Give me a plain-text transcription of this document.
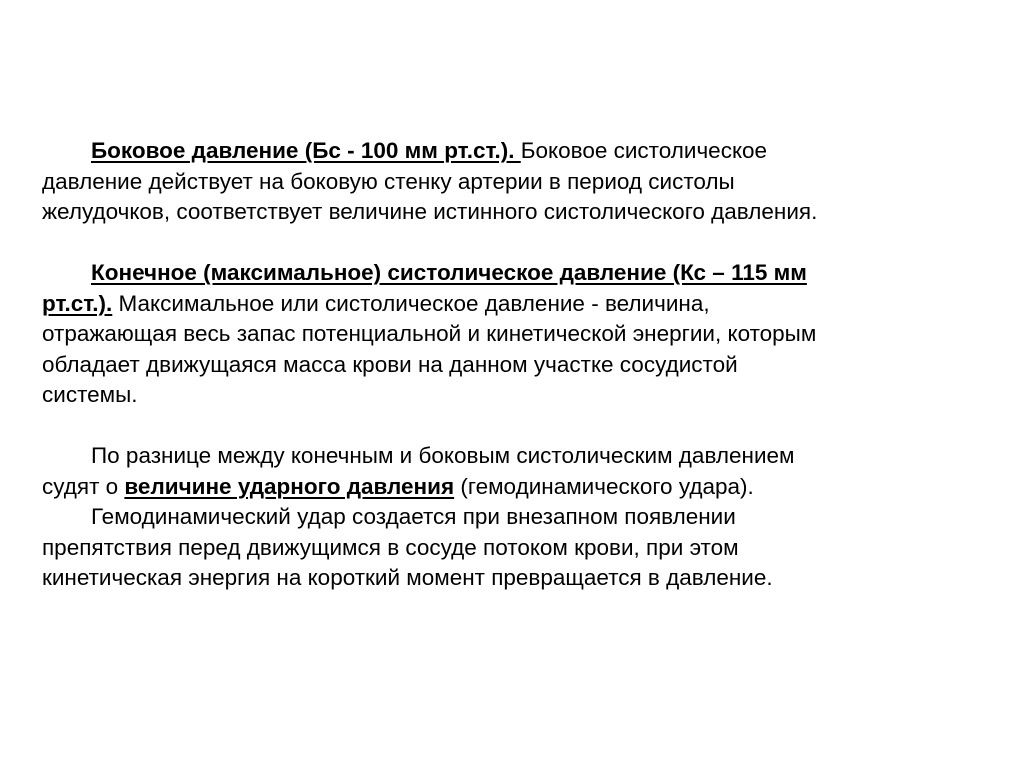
Боковое давление (Бс - 100 мм рт.ст.). Боковое систолическое
давление действует на боковую стенку артерии в период систолы
желудочков, соответствует величине истинного систолического давления.
Конечное (максимальное) систолическое давление (Кс – 115 мм
рт.ст.). Максимальное или систолическое давление - величина,
отражающая весь запас потенциальной и кинетической энергии, которым
обладает движущаяся масса крови на данном участке сосудистой
системы.
По разнице между конечным и боковым систолическим давлением
судят о величине ударного давления (гемодинамического удара).
Гемодинамический удар создается при внезапном появлении
препятствия перед движущимся в сосуде потоком крови, при этом
кинетическая энергия на короткий момент превращается в давление.
